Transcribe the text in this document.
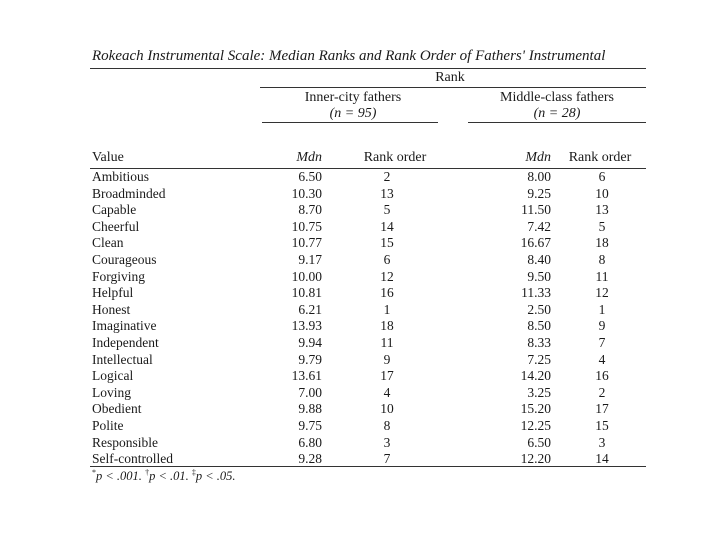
Rokeach Instrumental Scale: Median Ranks and Rank Order of Fathers' Instrumental
Rank
Inner-city fathers
(n = 95)
Middle-class fathers
(n = 28)
Value	Mdn	Rank order	Mdn	Rank order
Ambitious	6.50	2	8.00	6
Broadminded	10.30	13	9.25	10
Capable	8.70	5	11.50	13
Cheerful	10.75	14	7.42	5
Clean	10.77	15	16.67	18
Courageous	9.17	6	8.40	8
Forgiving	10.00	12	9.50	11
Helpful	10.81	16	11.33	12
Honest	6.21	1	2.50	1
Imaginative	13.93	18	8.50	9
Independent	9.94	11	8.33	7
Intellectual	9.79	9	7.25	4
Logical	13.61	17	14.20	16
Loving	7.00	4	3.25	2
Obedient	9.88	10	15.20	17
Polite	9.75	8	12.25	15
Responsible	6.80	3	6.50	3
Self-controlled	9.28	7	12.20	14
*p < .001. †p < .01. ‡p < .05.
